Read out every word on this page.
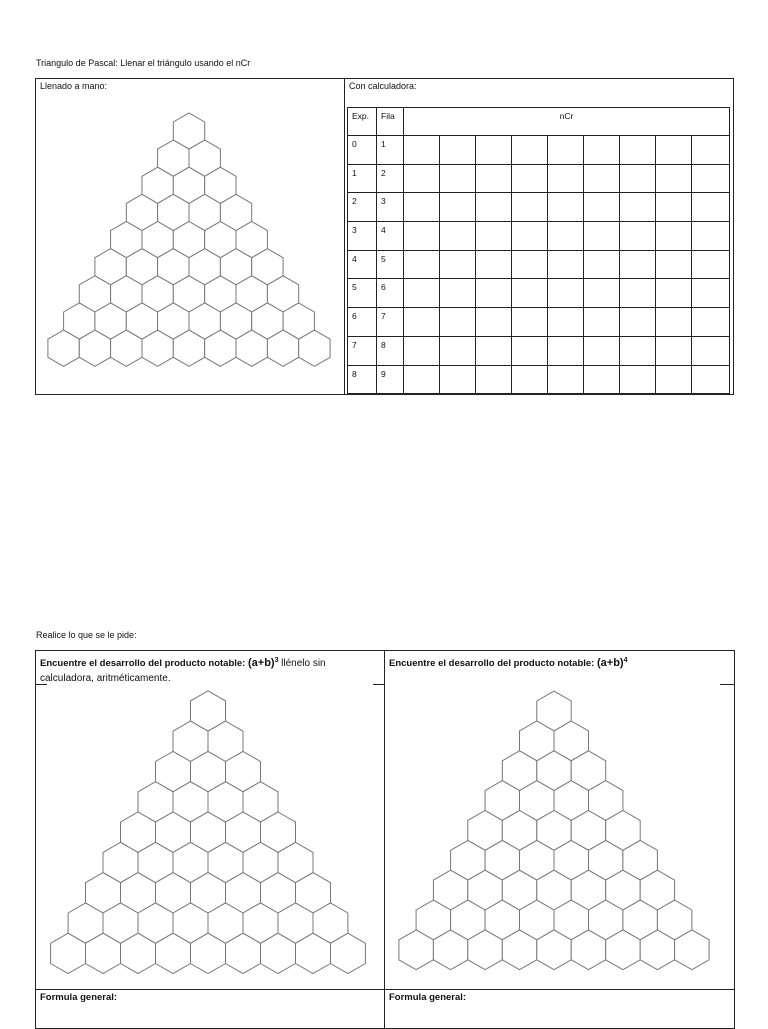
Triangulo de Pascal: Llenar el triángulo usando el nCr
Llenado a mano:	Con calculadora:
Exp.	Fila	nCr								
0	1									
1	2									
2	3									
3	4									
4	5									
5	6									
6	7									
7	8									
8	9									
Realice lo que se le pide:
Encuentre el desarrollo del producto notable: $(a+b)^3$ llénelo sin
calculadora, aritméticamente.
Encuentre el desarrollo del producto notable: $(a+b)^4$
Formula general:	Formula general:
